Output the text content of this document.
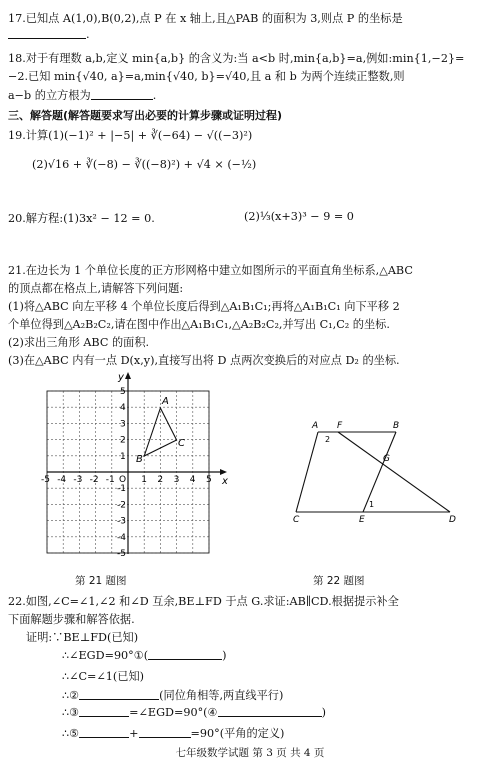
17.已知点 A(1,0),B(0,2),点 P 在 x 轴上,且△PAB 的面积为 3,则点 P 的坐标是
.
18.对于有理数 a,b,定义 min{a,b} 的含义为:当 a<b 时,min{a,b}=a,例如:min{1,−2}=
−2.已知 min{√40, a}=a,min{√40, b}=√40,且 a 和 b 为两个连续正整数,则
a−b 的立方根为	.
三、解答题(解答题要求写出必要的计算步骤或证明过程)
19.计算(1)(−1)² + |−5| + ∛(−64) − √((−3)²)
(2)√16 + ∛(−8) − ∛((−8)²) + √4 × (−½)
20.解方程:(1)3x² − 12 = 0.	(2)⅓(x+3)³ − 9 = 0
21.在边长为 1 个单位长度的正方形网格中建立如图所示的平面直角坐标系,△ABC
的顶点都在格点上,请解答下列问题:
(1)将△ABC 向左平移 4 个单位长度后得到△A₁B₁C₁;再将△A₁B₁C₁ 向下平移 2
个单位得到△A₂B₂C₂,请在图中作出△A₁B₁C₁,△A₂B₂C₂,并写出 C₁,C₂ 的坐标.
(2)求出三角形 ABC 的面积.
(3)在△ABC 内有一点 D(x,y),直接写出将 D 点两次变换后的对应点 D₂ 的坐标.
x
y
O
-5 -4 -3 -2 -1	1 2 3 4 5
5
4
3
2
1
-1
-2
-3
-4
-5
A
B
C
第 21 题图
A F	B
G
C	E	D
1
2
第 22 题图
22.如图,∠C=∠1,∠2 和∠D 互余,BE⊥FD 于点 G.求证:AB∥CD.根据提示补全
下面解题步骤和解答依据.
证明:∵BE⊥FD(已知)
∴∠EGD=90°①(	)
∴∠C=∠1(已知)
∴②	(同位角相等,两直线平行)
∴③	=∠EGD=90°(④	)
∴⑤	+	=90°(平角的定义)
七年级数学试题 第 3 页 共 4 页
